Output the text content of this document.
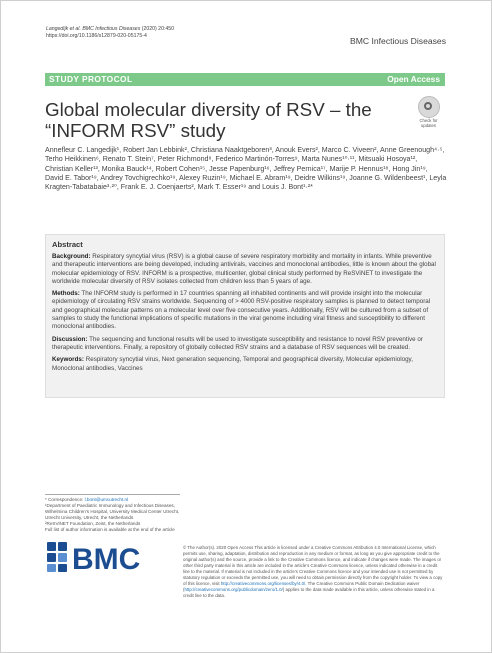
Langedijk et al. BMC Infectious Diseases (2020) 20:450
https://doi.org/10.1186/s12879-020-05175-4	BMC Infectious Diseases
STUDY PROTOCOL	Open Access
Global molecular diversity of RSV – the “INFORM RSV” study	Check for
updates
Annefleur C. Langedijk¹, Robert Jan Lebbink², Christiana Naaktgeboren³, Anouk Evers², Marco C. Viveen², Anne Greenough⁴·⁵, Terho Heikkinen⁶, Renato T. Stein⁷, Peter Richmond⁸, Federico Martinón-Torres⁹, Marta Nunes¹⁰·¹¹, Mitsuaki Hosoya¹², Christian Keller¹³, Monika Bauck¹⁴, Robert Cohen¹⁵, Jesse Papenburg¹⁶, Jeffrey Pernica¹⁷, Marije P. Hennus¹⁸, Hong Jin¹⁹, David E. Tabor¹⁹, Andrey Tovchigrechko¹⁹, Alexey Ruzin¹⁹, Michael E. Abram¹⁹, Deidre Wilkins¹⁹, Joanne G. Wildenbeest¹, Leyla Kragten-Tabatabaie³·²⁰, Frank E. J. Coenjaerts², Mark T. Esser¹⁹ and Louis J. Bont¹·²*
Abstract

Background: Respiratory syncytial virus (RSV) is a global cause of severe respiratory morbidity and mortality in infants. While preventive and therapeutic interventions are being developed, including antivirals, vaccines and monoclonal antibodies, little is known about the global molecular epidemiology of RSV. INFORM is a prospective, multicenter, global clinical study performed by ReSViNET to investigate the worldwide molecular diversity of RSV isolates collected from children less than 5 years of age.

Methods: The INFORM study is performed in 17 countries spanning all inhabited continents and will provide insight into the molecular epidemiology of circulating RSV strains worldwide. Sequencing of > 4000 RSV-positive respiratory samples is planned to detect temporal and geographical molecular patterns on a molecular level over five consecutive years. Additionally, RSV will be cultured from a subset of samples to study the functional implications of specific mutations in the viral genome including viral fitness and susceptibility to different monoclonal antibodies.

Discussion: The sequencing and functional results will be used to investigate susceptibility and resistance to novel RSV preventive or therapeutic interventions. Finally, a repository of globally collected RSV strains and a database of RSV sequences will be created.

Keywords: Respiratory syncytial virus, Next generation sequencing, Temporal and geographical diversity, Molecular epidemiology, Monoclonal antibodies, Vaccines

* Correspondence: l.bont@umcutrecht.nl
¹Department of Paediatric Immunology and Infectious Diseases, Wilhelmina Children’s Hospital, University Medical Center Utrecht, Utrecht University, Utrecht, the Netherlands
²ReSViNET Foundation, Zeist, the Netherlands
Full list of author information is available at the end of the article
BMC	© The Author(s). 2020 Open Access This article is licensed under a Creative Commons Attribution 4.0 International License, which permits use, sharing, adaptation, distribution and reproduction in any medium or format, as long as you give appropriate credit to the original author(s) and the source, provide a link to the Creative Commons licence, and indicate if changes were made. The images or other third party material in this article are included in the article’s Creative Commons licence, unless indicated otherwise in a credit line to the material. If material is not included in the article’s Creative Commons licence and your intended use is not permitted by statutory regulation or exceeds the permitted use, you will need to obtain permission directly from the copyright holder. To view a copy of this licence, visit http://creativecommons.org/licenses/by/4.0/. The Creative Commons Public Domain Dedication waiver (http://creativecommons.org/publicdomain/zero/1.0/) applies to the data made available in this article, unless otherwise stated in a credit line to the data.
